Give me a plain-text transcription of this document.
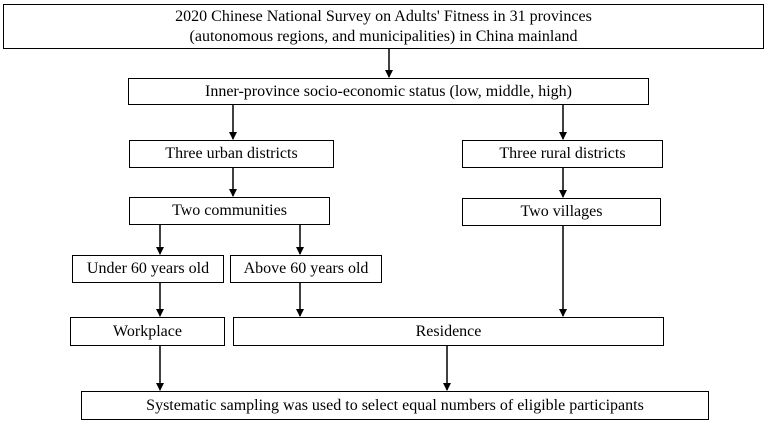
2020 Chinese National Survey on Adults' Fitness in 31 provinces
(autonomous regions, and municipalities) in China mainland
Inner-province socio-economic status (low, middle, high)
Three urban districts	Three rural districts
Two communities	Two villages
Under 60 years old Above 60 years old
Workplace	Residence
Systematic sampling was used to select equal numbers of eligible participants
